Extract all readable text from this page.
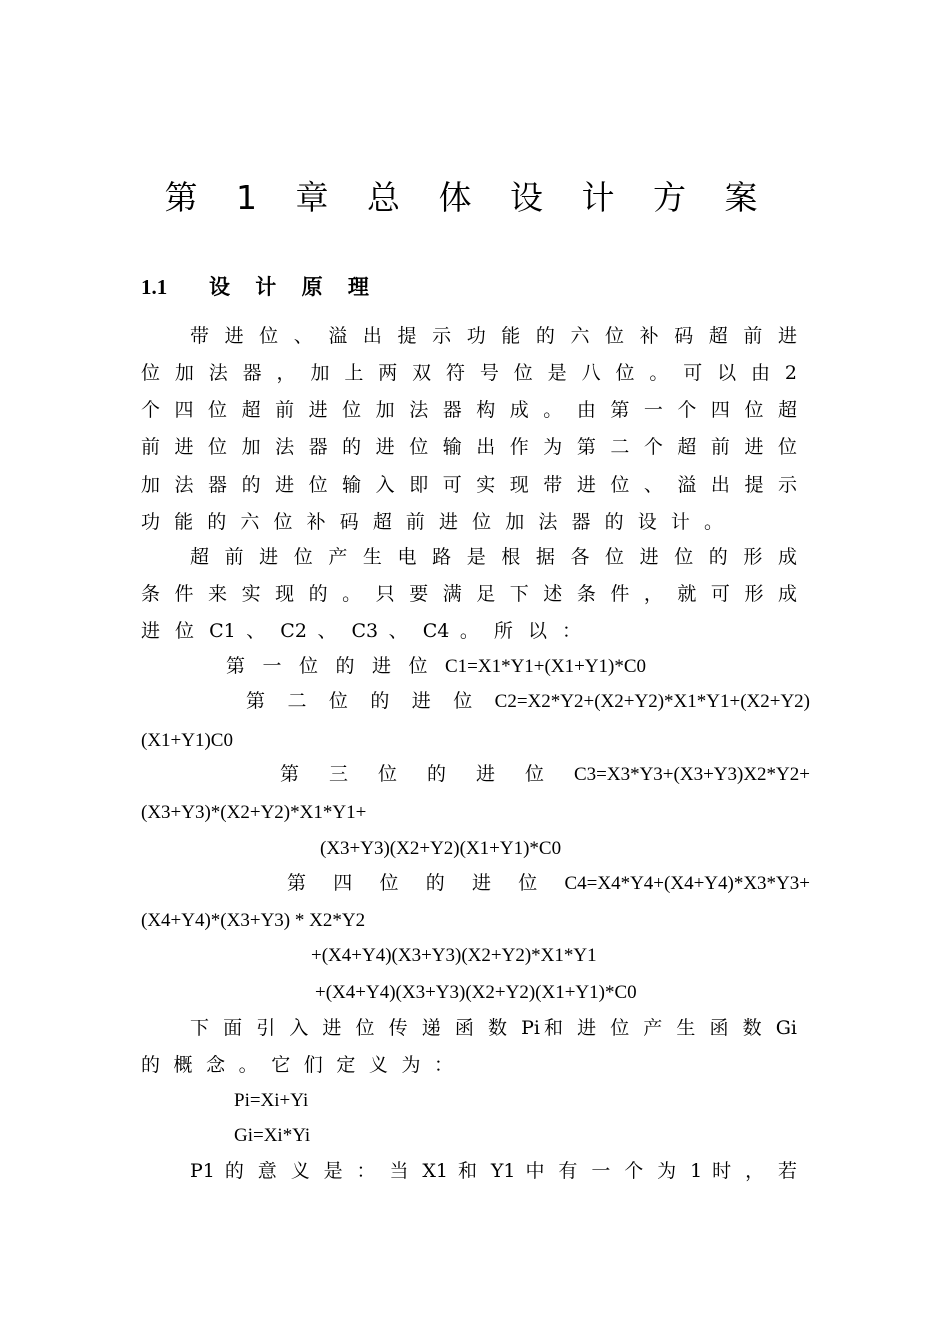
第 1 章 总 体 设 计 方 案
1.1 设 计 原 理
带 进 位 、 溢 出 提 示 功 能 的 六 位 补 码 超 前 进
位 加 法 器 ， 加 上 两 双 符 号 位 是 八 位 。 可 以 由 2
个 四 位 超 前 进 位 加 法 器 构 成 。 由 第 一 个 四 位 超
前 进 位 加 法 器 的 进 位 输 出 作 为 第 二 个 超 前 进 位
加 法 器 的 进 位 输 入 即 可 实 现 带 进 位 、 溢 出 提 示
功 能 的 六 位 补 码 超 前 进 位 加 法 器 的 设 计 。
超 前 进 位 产 生 电 路 是 根 据 各 位 进 位 的 形 成
条 件 来 实 现 的 。 只 要 满 足 下 述 条 件 ， 就 可 形 成
进 位 C1 、 C2 、 C3 、 C4 。 所 以 ：
第 一 位 的 进 位 C1=X1*Y1+(X1+Y1)*C0
第 二 位 的 进 位 C2=X2*Y2+(X2+Y2)*X1*Y1+(X2+Y2)
(X1+Y1)C0
第 三 位 的 进 位 C3=X3*Y3+(X3+Y3)X2*Y2+
(X3+Y3)*(X2+Y2)*X1*Y1+
(X3+Y3)(X2+Y2)(X1+Y1)*C0
第 四 位 的 进 位 C4=X4*Y4+(X4+Y4)*X3*Y3+
(X4+Y4)*(X3+Y3) * X2*Y2
+(X4+Y4)(X3+Y3)(X2+Y2)*X1*Y1
+(X4+Y4)(X3+Y3)(X2+Y2)(X1+Y1)*C0
下 面 引 入 进 位 传 递 函 数 Pi和 进 位 产 生 函 数 Gi
的 概 念 。 它 们 定 义 为 ：
Pi=Xi+Yi
Gi=Xi*Yi
P1 的 意 义 是 ： 当 X1 和 Y1 中 有 一 个 为 1 时 ， 若
